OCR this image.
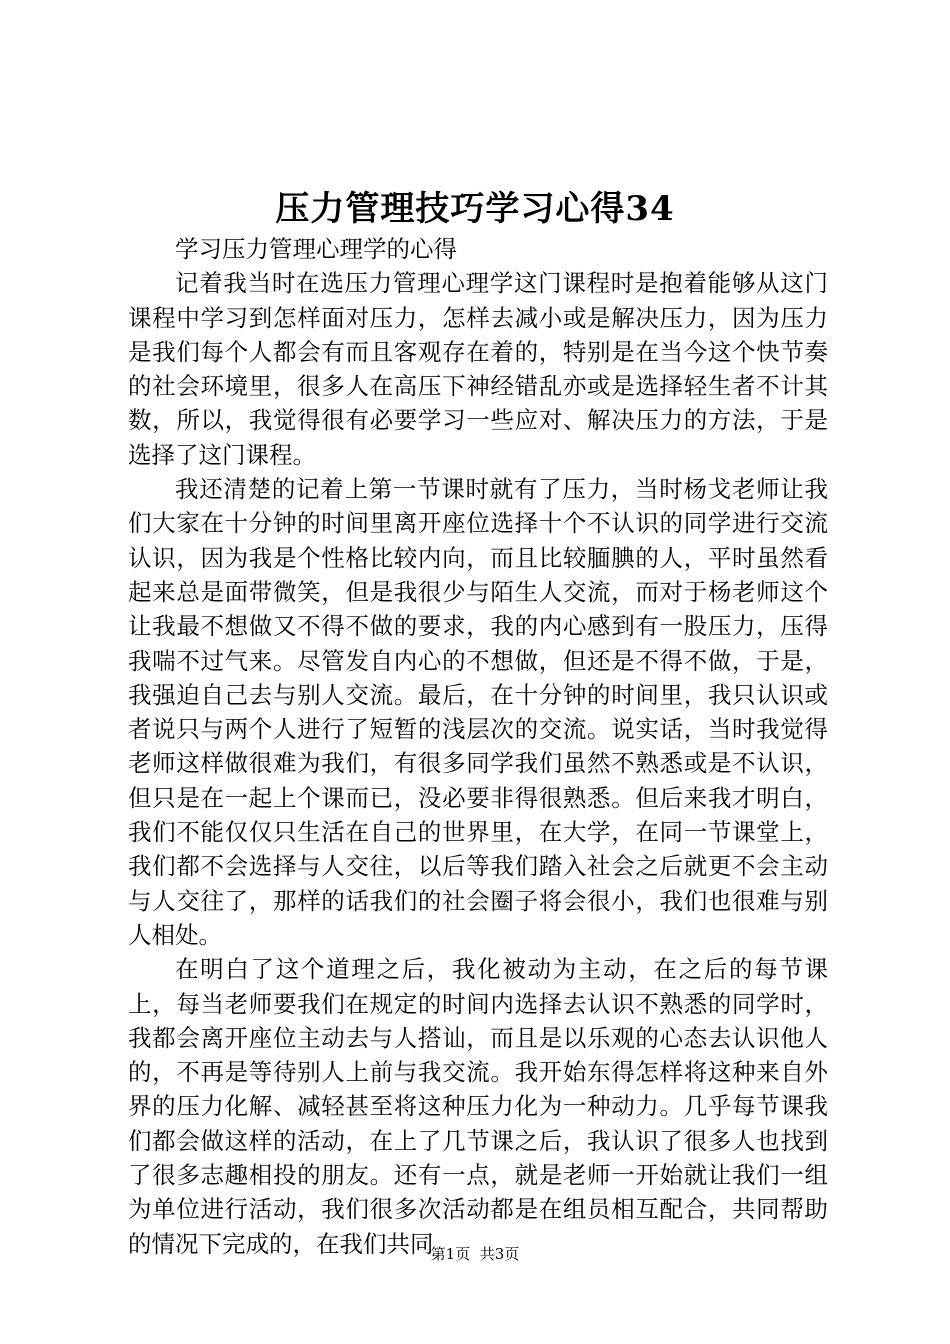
压力管理技巧学习心得34

学习压力管理心理学的心得

记着我当时在选压力管理心理学这门课程时是抱着能够从这门课程中学习到怎样面对压力，怎样去减小或是解决压力，因为压力是我们每个人都会有而且客观存在着的，特别是在当今这个快节奏的社会环境里，很多人在高压下神经错乱亦或是选择轻生者不计其数，所以，我觉得很有必要学习一些应对、解决压力的方法，于是选择了这门课程。

我还清楚的记着上第一节课时就有了压力，当时杨戈老师让我们大家在十分钟的时间里离开座位选择十个不认识的同学进行交流认识，因为我是个性格比较内向，而且比较腼腆的人，平时虽然看起来总是面带微笑，但是我很少与陌生人交流，而对于杨老师这个让我最不想做又不得不做的要求，我的内心感到有一股压力，压得我喘不过气来。尽管发自内心的不想做，但还是不得不做，于是，我强迫自己去与别人交流。最后，在十分钟的时间里，我只认识或者说只与两个人进行了短暂的浅层次的交流。说实话，当时我觉得老师这样做很难为我们，有很多同学我们虽然不熟悉或是不认识，但只是在一起上个课而已，没必要非得很熟悉。但后来我才明白，我们不能仅仅只生活在自己的世界里，在大学，在同一节课堂上，我们都不会选择与人交往，以后等我们踏入社会之后就更不会主动与人交往了，那样的话我们的社会圈子将会很小，我们也很难与别人相处。

在明白了这个道理之后，我化被动为主动，在之后的每节课上，每当老师要我们在规定的时间内选择去认识不熟悉的同学时，我都会离开座位主动去与人搭讪，而且是以乐观的心态去认识他人的，不再是等待别人上前与我交流。我开始东得怎样将这种来自外界的压力化解、减轻甚至将这种压力化为一种动力。几乎每节课我们都会做这样的活动，在上了几节课之后，我认识了很多人也找到了很多志趣相投的朋友。还有一点，就是老师一开始就让我们一组为单位进行活动，我们很多次活动都是在组员相互配合，共同帮助的情况下完成的，在我们共同

第1页 共3页
